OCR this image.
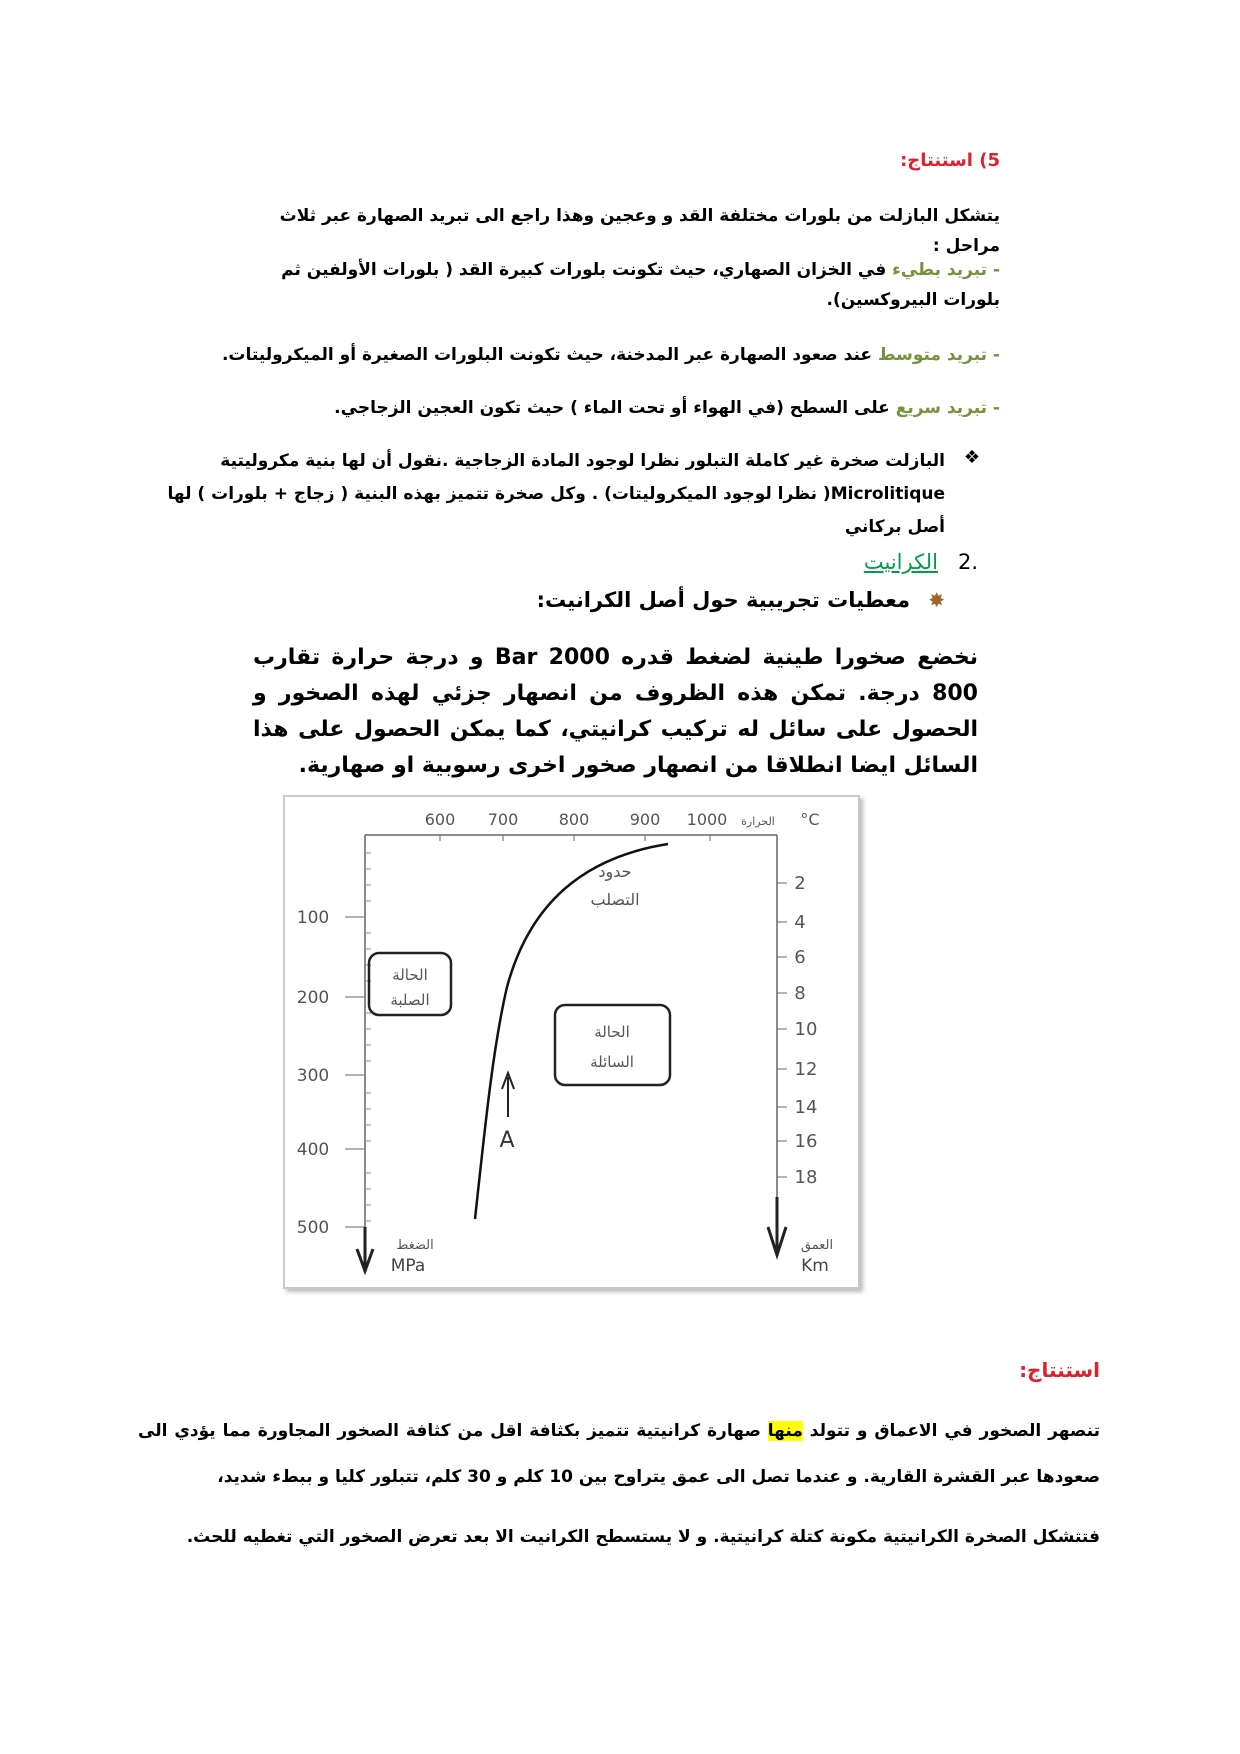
5) استنتاج:
يتشكل البازلت من بلورات مختلفة القد و وعجين وهذا راجع الى تبريد الصهارة عبر ثلاث مراحل :
- تبريد بطيء في الخزان الصهاري، حيث تكونت بلورات كبيرة القد ( بلورات الأولفين ثم بلورات البيروكسين).
- تبريد متوسط عند صعود الصهارة عبر المدخنة، حيث تكونت البلورات الصغيرة أو الميكروليتات.
- تبريد سريع على السطح (في الهواء أو تحت الماء ) حيث تكون العجين الزجاجي.
❖
البازلت صخرة غير كاملة التبلور نظرا لوجود المادة الزجاجية .نقول أن لها بنية مكروليتية Microlitique( نظرا لوجود الميكروليتات) . وكل صخرة تتميز بهذه البنية ( زجاج + بلورات ) لها أصل بركاني
.2   الكرانيت
✸
معطيات تجريبية حول أصل الكرانيت:
نخضع صخورا طينية لضغط قدره 2000 Bar و درجة حرارة تقارب 800 درجة. تمكن هذه الظروف من انصهار جزئي لهذه الصخور و الحصول على سائل له تركيب كرانيتي، كما يمكن الحصول على هذا السائل ايضا انطلاقا من انصهار صخور اخرى رسوبية او صهارية.
600 700	800	900 1000 الحرارة °C
100
200
300
400
500
الضغط
MPa
2
4
6
8
10
12
14
16
18
العمق
Km
حدود
التصلب
الحالة
الصلبة
الحالة
السائلة
A
استنتاج:
تنصهر الصخور في الاعماق و تتولد منها صهارة كرانيتية تتميز بكثافة اقل من كثافة الصخور المجاورة مما يؤدي الى صعودها عبر القشرة القارية. و عندما تصل الى عمق يتراوح بين 10 كلم و 30 كلم، تتبلور كليا و ببطء شديد،
فتتشكل الصخرة الكرانيتية مكونة كتلة كرانيتية. و لا يستسطح الكرانيت الا بعد تعرض الصخور التي تغطيه للحث.
